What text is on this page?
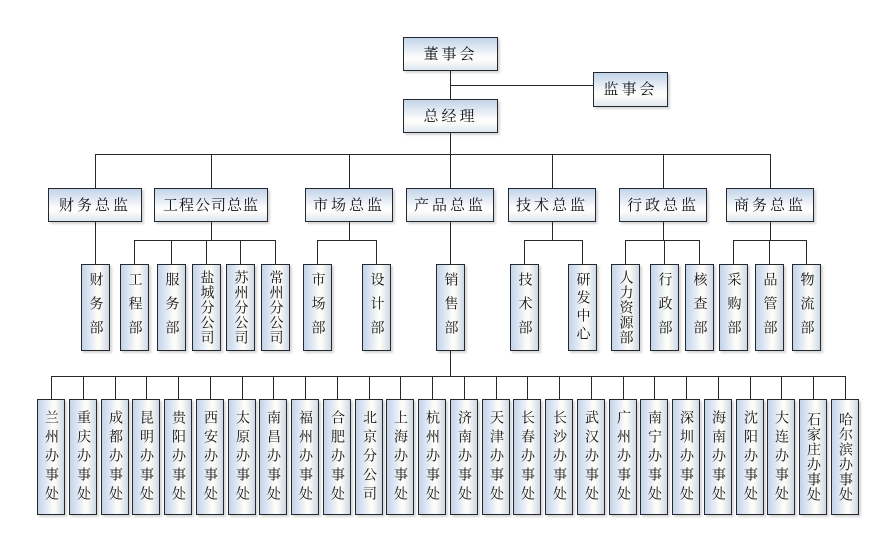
董事会
监事会
总经理
财务总监
财务部
工程公司总监
工程部	服务部	盐城分公司	苏州分公司	常州分公司
市场总监
市场部	设计部
产品总监
销售部
技术总监
技术部	研发中心
行政总监
人力资源部	行政部	核查部
商务总监
采购部	品管部	物流部
兰州办事处	重庆办事处	成都办事处	昆明办事处	贵阳办事处	西安办事处	太原办事处	南昌办事处	福州办事处	合肥办事处	北京分公司	上海办事处	杭州办事处	济南办事处	天津办事处	长春办事处	长沙办事处	武汉办事处	广州办事处	南宁办事处	深圳办事处	海南办事处	沈阳办事处	大连办事处	石家庄办事处	哈尔滨办事处
